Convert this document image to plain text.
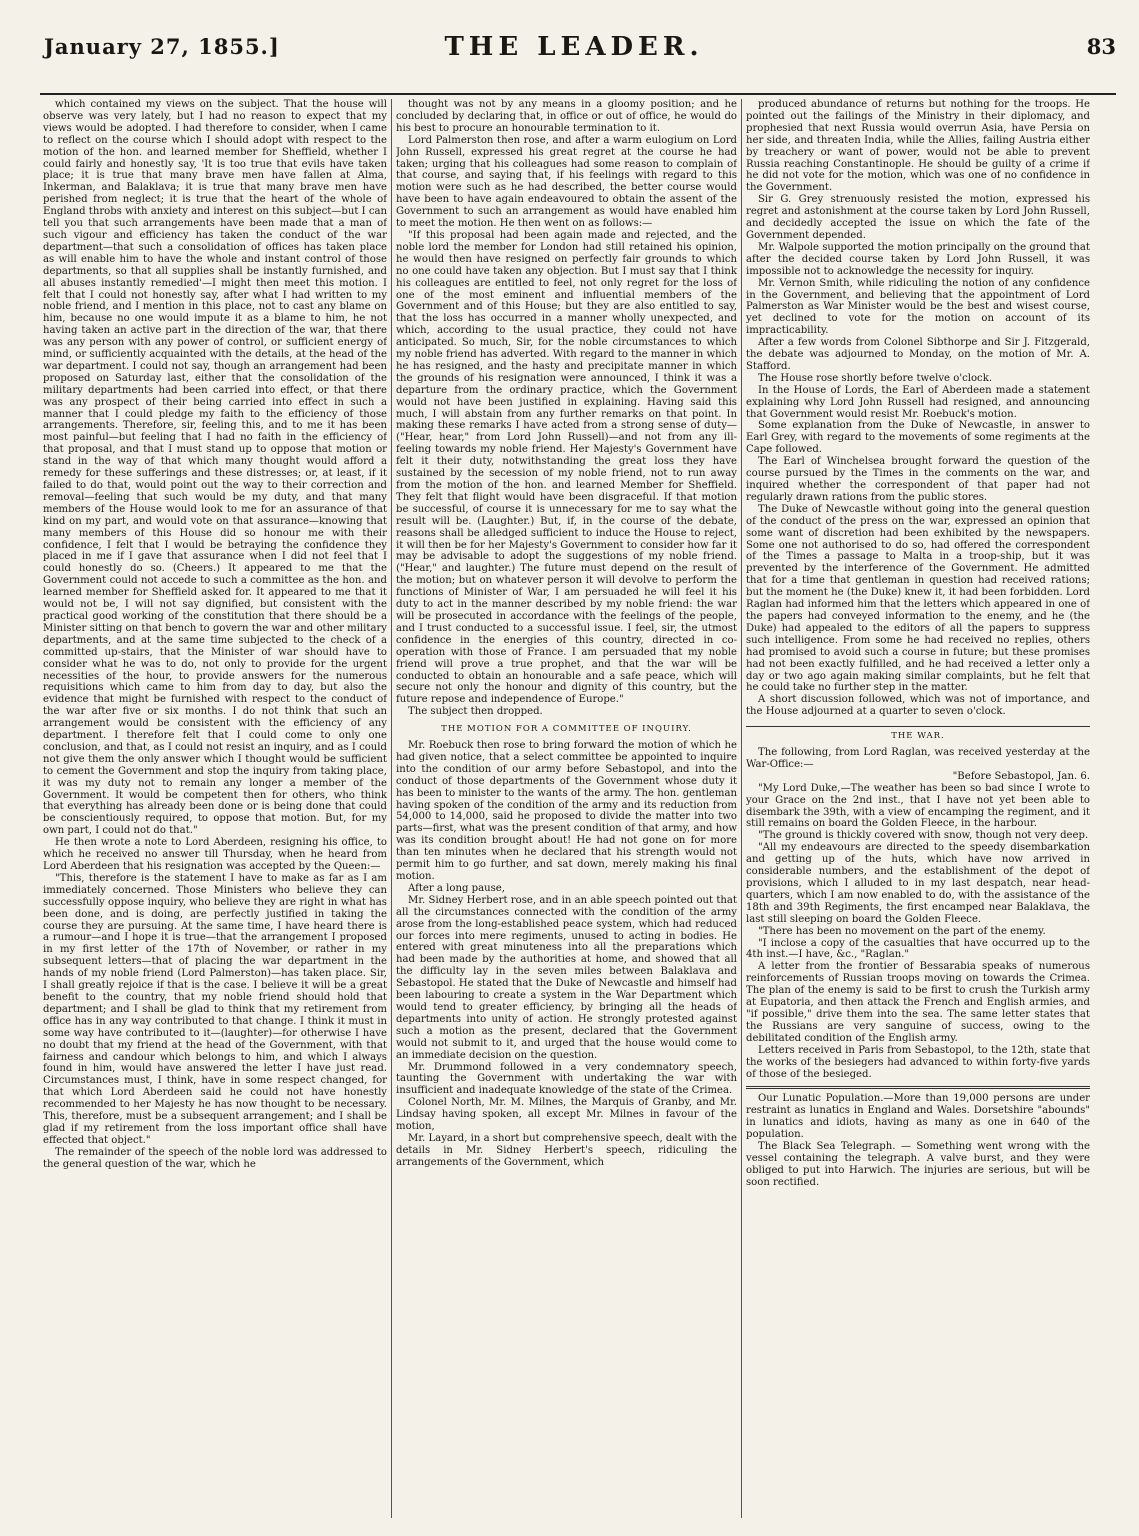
January 27, 1855.]	THE LEADER.	83

which contained my views on the subject. That the house will observe was very lately, but I had no reason to expect that my views would be adopted. I had therefore to consider, when I came to reflect on the course which I should adopt with respect to the motion of the hon. and learned member for Sheffield, whether I could fairly and honestly say, 'It is too true that evils have taken place; it is true that many brave men have fallen at Alma, Inkerman, and Balaklava; it is true that many brave men have perished from neglect; it is true that the heart of the whole of England throbs with anxiety and interest on this subject—but I can tell you that such arrangements have been made that a man of such vigour and efficiency has taken the conduct of the war department—that such a consolidation of offices has taken place as will enable him to have the whole and instant control of those departments, so that all supplies shall be instantly furnished, and all abuses instantly remedied'—I might then meet this motion. I felt that I could not honestly say, after what I had written to my noble friend, and I mention in this place, not to cast any blame on him, because no one would impute it as a blame to him, he not having taken an active part in the direction of the war, that there was any person with any power of control, or sufficient energy of mind, or sufficiently acquainted with the details, at the head of the war department. I could not say, though an arrangement had been proposed on Saturday last, either that the consolidation of the military departments had been carried into effect, or that there was any prospect of their being carried into effect in such a manner that I could pledge my faith to the efficiency of those arrangements. Therefore, sir, feeling this, and to me it has been most painful—but feeling that I had no faith in the efficiency of that proposal, and that I must stand up to oppose that motion or stand in the way of that which many thought would afford a remedy for these sufferings and these distresses; or, at least, if it failed to do that, would point out the way to their correction and removal—feeling that such would be my duty, and that many members of the House would look to me for an assurance of that kind on my part, and would vote on that assurance—knowing that many members of this House did so honour me with their confidence, I felt that I would be betraying the confidence they placed in me if I gave that assurance when I did not feel that I could honestly do so. (Cheers.) It appeared to me that the Government could not accede to such a committee as the hon. and learned member for Sheffield asked for. It appeared to me that it would not be, I will not say dignified, but consistent with the practical good working of the constitution that there should be a Minister sitting on that bench to govern the war and other military departments, and at the same time subjected to the check of a committed up-stairs, that the Minister of war should have to consider what he was to do, not only to provide for the urgent necessities of the hour, to provide answers for the numerous requisitions which came to him from day to day, but also the evidence that might be furnished with respect to the conduct of the war after five or six months. I do not think that such an arrangement would be consistent with the efficiency of any department. I therefore felt that I could come to only one conclusion, and that, as I could not resist an inquiry, and as I could not give them the only answer which I thought would be sufficient to cement the Government and stop the inquiry from taking place, it was my duty not to remain any longer a member of the Government. It would be competent then for others, who think that everything has already been done or is being done that could be conscientiously required, to oppose that motion. But, for my own part, I could not do that."

He then wrote a note to Lord Aberdeen, resigning his office, to which he received no answer till Thursday, when he heard from Lord Aberdeen that his resignation was accepted by the Queen:—

"This, therefore is the statement I have to make as far as I am immediately concerned. Those Ministers who believe they can successfully oppose inquiry, who believe they are right in what has been done, and is doing, are perfectly justified in taking the course they are pursuing. At the same time, I have heard there is a rumour—and I hope it is true—that the arrangement I proposed in my first letter of the 17th of November, or rather in my subsequent letters—that of placing the war department in the hands of my noble friend (Lord Palmerston)—has taken place. Sir, I shall greatly rejoice if that is the case. I believe it will be a great benefit to the country, that my noble friend should hold that department; and I shall be glad to think that my retirement from office has in any way contributed to that change. I think it must in some way have contributed to it—(laughter)—for otherwise I have no doubt that my friend at the head of the Government, with that fairness and candour which belongs to him, and which I always found in him, would have answered the letter I have just read. Circumstances must, I think, have in some respect changed, for that which Lord Aberdeen said he could not have honestly recommended to her Majesty he has now thought to be necessary. This, therefore, must be a subsequent arrangement; and I shall be glad if my retirement from the loss important office shall have effected that object."

The remainder of the speech of the noble lord was addressed to the general question of the war, which he

thought was not by any means in a gloomy position; and he concluded by declaring that, in office or out of office, he would do his best to procure an honourable termination to it.

Lord Palmerston then rose, and after a warm eulogium on Lord John Russell, expressed his great regret at the course he had taken; urging that his colleagues had some reason to complain of that course, and saying that, if his feelings with regard to this motion were such as he had described, the better course would have been to have again endeavoured to obtain the assent of the Government to such an arrangement as would have enabled him to meet the motion. He then went on as follows:—

"If this proposal had been again made and rejected, and the noble lord the member for London had still retained his opinion, he would then have resigned on perfectly fair grounds to which no one could have taken any objection. But I must say that I think his colleagues are entitled to feel, not only regret for the loss of one of the most eminent and influential members of the Government and of this House; but they are also entitled to say, that the loss has occurred in a manner wholly unexpected, and which, according to the usual practice, they could not have anticipated. So much, Sir, for the noble circumstances to which my noble friend has adverted. With regard to the manner in which he has resigned, and the hasty and precipitate manner in which the grounds of his resignation were announced, I think it was a departure from the ordinary practice, which the Government would not have been justified in explaining. Having said this much, I will abstain from any further remarks on that point. In making these remarks I have acted from a strong sense of duty—("Hear, hear," from Lord John Russell)—and not from any ill-feeling towards my noble friend. Her Majesty's Government have felt it their duty, notwithstanding the great loss they have sustained by the secession of my noble friend, not to run away from the motion of the hon. and learned Member for Sheffield. They felt that flight would have been disgraceful. If that motion be successful, of course it is unnecessary for me to say what the result will be. (Laughter.) But, if, in the course of the debate, reasons shall be alledged sufficient to induce the House to reject, it will then be for her Majesty's Government to consider how far it may be advisable to adopt the suggestions of my noble friend. ("Hear," and laughter.) The future must depend on the result of the motion; but on whatever person it will devolve to perform the functions of Minister of War, I am persuaded he will feel it his duty to act in the manner described by my noble friend: the war will be prosecuted in accordance with the feelings of the people, and I trust conducted to a successful issue. I feel, sir, the utmost confidence in the energies of this country, directed in co-operation with those of France. I am persuaded that my noble friend will prove a true prophet, and that the war will be conducted to obtain an honourable and a safe peace, which will secure not only the honour and dignity of this country, but the future repose and independence of Europe."

The subject then dropped.

THE MOTION FOR A COMMITTEE OF INQUIRY.

Mr. Roebuck then rose to bring forward the motion of which he had given notice, that a select committee be appointed to inquire into the condition of our army before Sebastopol, and into the conduct of those departments of the Government whose duty it has been to minister to the wants of the army. The hon. gentleman having spoken of the condition of the army and its reduction from 54,000 to 14,000, said he proposed to divide the matter into two parts—first, what was the present condition of that army, and how was its condition brought about! He had not gone on for more than ten minutes when he declared that his strength would not permit him to go further, and sat down, merely making his final motion.

After a long pause,

Mr. Sidney Herbert rose, and in an able speech pointed out that all the circumstances connected with the condition of the army arose from the long-established peace system, which had reduced our forces into mere regiments, unused to acting in bodies. He entered with great minuteness into all the preparations which had been made by the authorities at home, and showed that all the difficulty lay in the seven miles between Balaklava and Sebastopol. He stated that the Duke of Newcastle and himself had been labouring to create a system in the War Department which would tend to greater efficiency, by bringing all the heads of departments into unity of action. He strongly protested against such a motion as the present, declared that the Government would not submit to it, and urged that the house would come to an immediate decision on the question.

Mr. Drummond followed in a very condemnatory speech, taunting the Government with undertaking the war with insufficient and inadequate knowledge of the state of the Crimea.

Colonel North, Mr. M. Milnes, the Marquis of Granby, and Mr. Lindsay having spoken, all except Mr. Milnes in favour of the motion,

Mr. Layard, in a short but comprehensive speech, dealt with the details in Mr. Sidney Herbert's speech, ridiculing the arrangements of the Government, which

produced abundance of returns but nothing for the troops. He pointed out the failings of the Ministry in their diplomacy, and prophesied that next Russia would overrun Asia, have Persia on her side, and threaten India, while the Allies, failing Austria either by treachery or want of power, would not be able to prevent Russia reaching Constantinople. He should be guilty of a crime if he did not vote for the motion, which was one of no confidence in the Government.

Sir G. Grey strenuously resisted the motion, expressed his regret and astonishment at the course taken by Lord John Russell, and decidedly accepted the issue on which the fate of the Government depended.

Mr. Walpole supported the motion principally on the ground that after the decided course taken by Lord John Russell, it was impossible not to acknowledge the necessity for inquiry.

Mr. Vernon Smith, while ridiculing the notion of any confidence in the Government, and believing that the appointment of Lord Palmerston as War Minister would be the best and wisest course, yet declined to vote for the motion on account of its impracticability.

After a few words from Colonel Sibthorpe and Sir J. Fitzgerald, the debate was adjourned to Monday, on the motion of Mr. A. Stafford.

The House rose shortly before twelve o'clock.

In the House of Lords, the Earl of Aberdeen made a statement explaining why Lord John Russell had resigned, and announcing that Government would resist Mr. Roebuck's motion.

Some explanation from the Duke of Newcastle, in answer to Earl Grey, with regard to the movements of some regiments at the Cape followed.

The Earl of Winchelsea brought forward the question of the course pursued by the Times in the comments on the war, and inquired whether the correspondent of that paper had not regularly drawn rations from the public stores.

The Duke of Newcastle without going into the general question of the conduct of the press on the war, expressed an opinion that some want of discretion had been exhibited by the newspapers. Some one not authorised to do so, had offered the correspondent of the Times a passage to Malta in a troop-ship, but it was prevented by the interference of the Government. He admitted that for a time that gentleman in question had received rations; but the moment he (the Duke) knew it, it had been forbidden. Lord Raglan had informed him that the letters which appeared in one of the papers had conveyed information to the enemy, and he (the Duke) had appealed to the editors of all the papers to suppress such intelligence. From some he had received no replies, others had promised to avoid such a course in future; but these promises had not been exactly fulfilled, and he had received a letter only a day or two ago again making similar complaints, but he felt that he could take no further step in the matter.

A short discussion followed, which was not of importance, and the House adjourned at a quarter to seven o'clock.

THE WAR.

The following, from Lord Raglan, was received yesterday at the War-Office:—

"Before Sebastopol, Jan. 6.

"My Lord Duke,—The weather has been so bad since I wrote to your Grace on the 2nd inst., that I have not yet been able to disembark the 39th, with a view of encamping the regiment, and it still remains on board the Golden Fleece, in the harbour.

"The ground is thickly covered with snow, though not very deep.

"All my endeavours are directed to the speedy disembarkation and getting up of the huts, which have now arrived in considerable numbers, and the establishment of the depot of provisions, which I alluded to in my last despatch, near head-quarters, which I am now enabled to do, with the assistance of the 18th and 39th Regiments, the first encamped near Balaklava, the last still sleeping on board the Golden Fleece.

"There has been no movement on the part of the enemy.

"I inclose a copy of the casualties that have occurred up to the 4th inst.—I have, &c., "Raglan."

A letter from the frontier of Bessarabia speaks of numerous reinforcements of Russian troops moving on towards the Crimea. The plan of the enemy is said to be first to crush the Turkish army at Eupatoria, and then attack the French and English armies, and "if possible," drive them into the sea. The same letter states that the Russians are very sanguine of success, owing to the debilitated condition of the English army.

Letters received in Paris from Sebastopol, to the 12th, state that the works of the besiegers had advanced to within forty-five yards of those of the besieged.

Our Lunatic Population.—More than 19,000 persons are under restraint as lunatics in England and Wales. Dorsetshire "abounds" in lunatics and idiots, having as many as one in 640 of the population.

The Black Sea Telegraph. — Something went wrong with the vessel containing the telegraph. A valve burst, and they were obliged to put into Harwich. The injuries are serious, but will be soon rectified.
